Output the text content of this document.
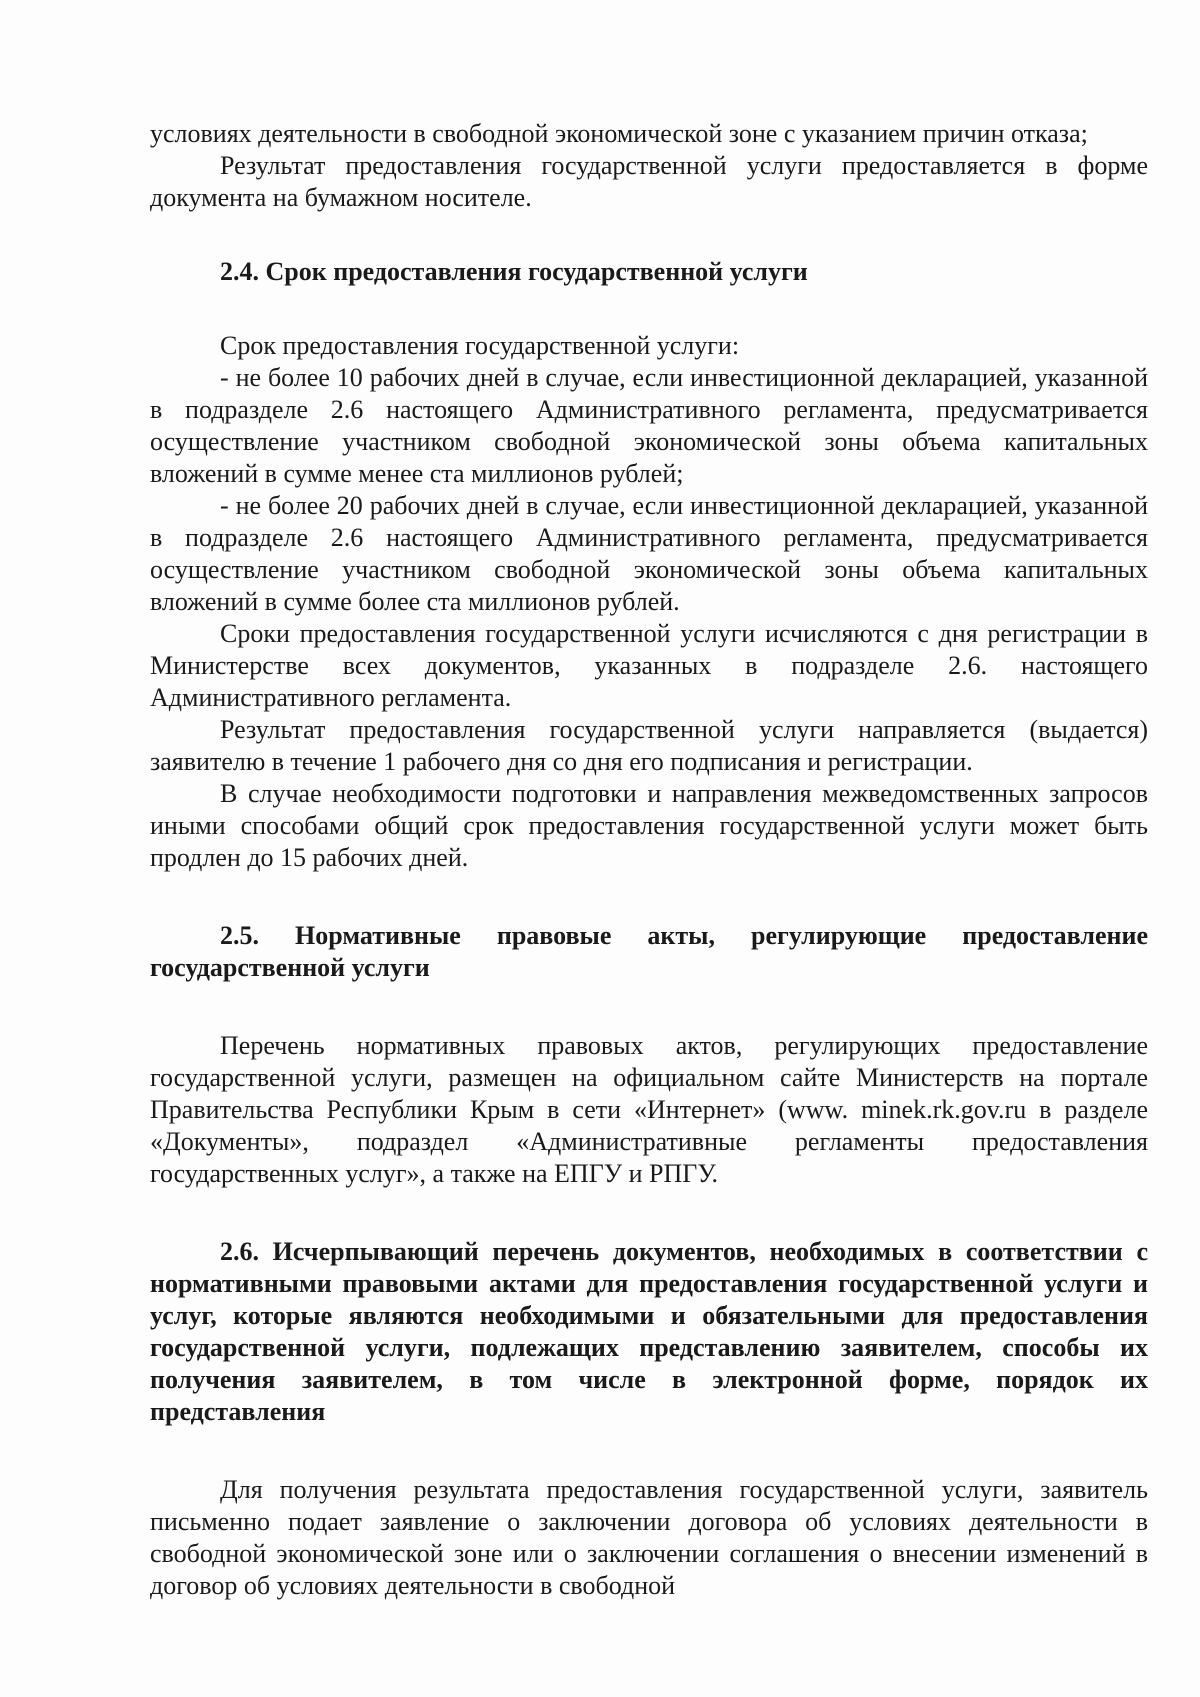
условиях деятельности в свободной экономической зоне с указанием причин отказа;

Результат предоставления государственной услуги предоставляется в форме документа на бумажном носителе.

2.4. Срок предоставления государственной услуги

Срок предоставления государственной услуги:

- не более 10 рабочих дней в случае, если инвестиционной декларацией, указанной в подразделе 2.6 настоящего Административного регламента, предусматривается осуществление участником свободной экономической зоны объема капитальных вложений в сумме менее ста миллионов рублей;

- не более 20 рабочих дней в случае, если инвестиционной декларацией, указанной в подразделе 2.6 настоящего Административного регламента, предусматривается осуществление участником свободной экономической зоны объема капитальных вложений в сумме более ста миллионов рублей.

Сроки предоставления государственной услуги исчисляются с дня регистрации в Министерстве всех документов, указанных в подразделе 2.6. настоящего Административного регламента.

Результат предоставления государственной услуги направляется (выдается) заявителю в течение 1 рабочего дня со дня его подписания и регистрации.

В случае необходимости подготовки и направления межведомственных запросов иными способами общий срок предоставления государственной услуги может быть продлен до 15 рабочих дней.

2.5. Нормативные правовые акты, регулирующие предоставление государственной услуги

Перечень нормативных правовых актов, регулирующих предоставление государственной услуги, размещен на официальном сайте Министерств на портале Правительства Республики Крым в сети «Интернет» (www. minek.rk.gov.ru в разделе «Документы», подраздел «Административные регламенты предоставления государственных услуг», а также на ЕПГУ и РПГУ.

2.6. Исчерпывающий перечень документов, необходимых в соответствии с нормативными правовыми актами для предоставления государственной услуги и услуг, которые являются необходимыми и обязательными для предоставления государственной услуги, подлежащих представлению заявителем, способы их получения заявителем, в том числе в электронной форме, порядок их представления

Для получения результата предоставления государственной услуги, заявитель письменно подает заявление о заключении договора об условиях деятельности в свободной экономической зоне или о заключении соглашения о внесении изменений в договор об условиях деятельности в свободной
